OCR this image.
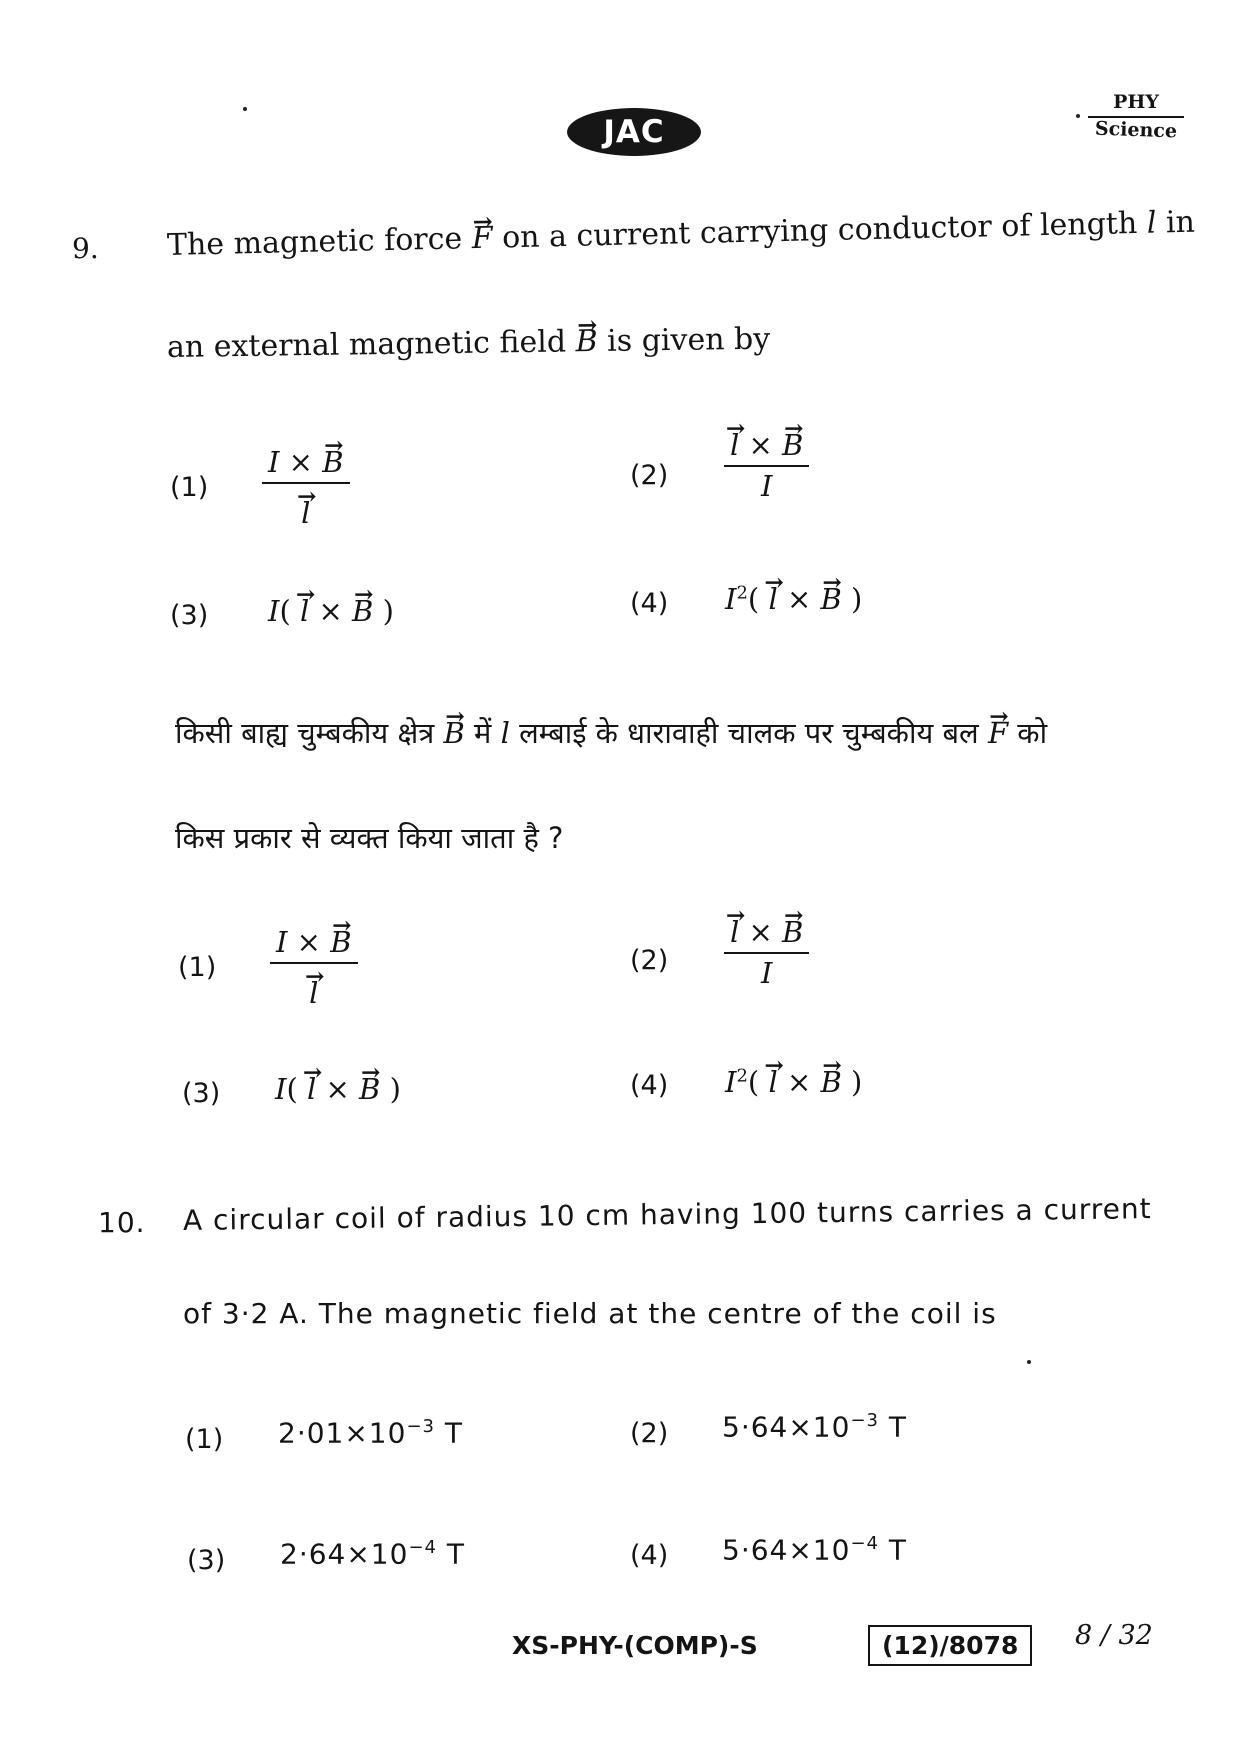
JAC
PHY
Science
9. The magnetic force → F on a current carrying conductor of length l in
an external magnetic field → B is given by
(1) I × → B
→ l	(2)
→ $\frac{l \times \to B}{I}$
(3) I( → l × → B )	(4) $I^2( \to l$ × → B )
किसी बाह्य चुम्बकीय क्षेत्र → B में l लम्बाई के धारावाही चालक पर चुम्बकीय बल → F को
किस प्रकार से व्यक्त किया जाता है ?
(1) I × → B
→ l	(2)
→ $\frac{l \times \to B}{I}$
(3) I( → l × → B )	(4) $I^2( \to l$ × → B )
10. A circular coil of radius 10 cm having 100 turns carries a current
of 3·2 A. The magnetic field at the centre of the coil is
(1) $2\cdot 01\times 10^{-3}$ T	(2) $5\cdot 64\times 10^{-3}$ T
(3) $2\cdot 64\times 10^{-4}$ T	(4) $5\cdot 64\times 10^{-4}$ T
XS-PHY-(COMP)-S	(12)/8078	8 / 32
